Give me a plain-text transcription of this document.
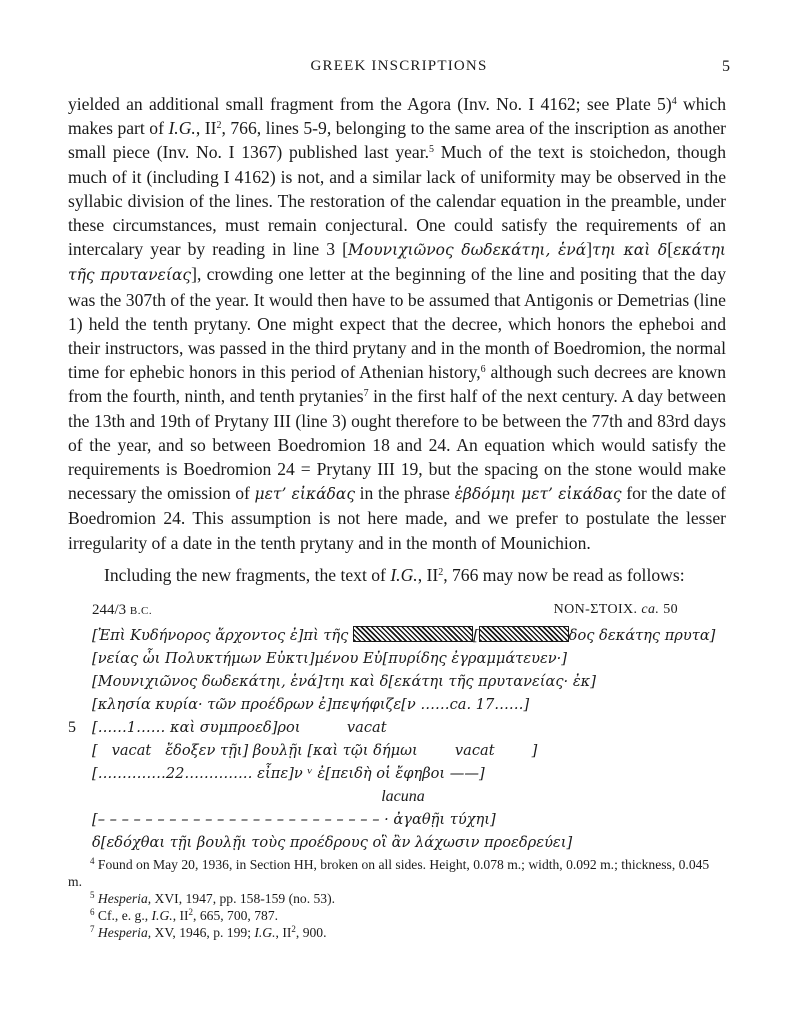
GREEK INSCRIPTIONS	5

yielded an additional small fragment from the Agora (Inv. No. I 4162; see Plate 5)$^4$ which makes part of I.G., $II^2$, 766, lines 5-9, belonging to the same area of the inscription as another small piece (Inv. No. I 1367) published last year.$^5$ Much of the text is stoichedon, though much of it (including I 4162) is not, and a similar lack of uniformity may be observed in the syllabic division of the lines. The restoration of the calendar equation in the preamble, under these circumstances, must remain conjectural. One could satisfy the requirements of an intercalary year by reading in line 3 [Μουνιχιῶνος δωδεκάτηι, ἑνά]τηι καὶ δ[εκάτηι τῆς πρυτανείας], crowding one letter at the beginning of the line and positing that the day was the 307th of the year. It would then have to be assumed that Antigonis or Demetrias (line 1) held the tenth prytany. One might expect that the decree, which honors the epheboi and their instructors, was passed in the third prytany and in the month of Boedromion, the normal time for ephebic honors in this period of Athenian history,$^6$ although such decrees are known from the fourth, ninth, and tenth prytanies$^7$ in the first half of the next century. A day between the 13th and 19th of Prytany III (line 3) ought therefore to be between the 77th and 83rd days of the year, and so between Boedromion 18 and 24. An equation which would satisfy the requirements is Boedromion 24 = Prytany III 19, but the spacing on the stone would make necessary the omission of μετ’ εἰκάδας in the phrase ἑβδόμηι μετ’ εἰκάδας for the date of Boedromion 24. This assumption is not here made, and we prefer to postulate the lesser irregularity of a date in the tenth prytany and in the month of Mounichion.

Including the new fragments, the text of I.G., $II^2$, 766 may now be read as follows:

244/3 B.C.	NON-ΣTOIX. ca. 50
[Ἐπὶ Κυδήνορος ἄρχοντος ἐ]πὶ τῆς	[	δος δεκάτης πρυτα]
[νείας ὧι Πολυκτήμων Εὐκτι]μένου Εὐ[πυρίδης ἐγραμμάτευεν·]
[Μουνιχιῶνος δωδεκάτηι, ἑνά]τηι καὶ δ[εκάτηι τῆς πρυτανείας· ἐκ]
[κλησία κυρία· τῶν προέδρων ἐ]πεψήφιζε[ν ‥‥‥ca. 17‥‥‥]
5 [‥‥‥1‥‥‥ καὶ συμπροεδ]ροι          vacat
[   vacat   ἔδοξεν τῇι] βουλῇι [καὶ τῷι δήμωι        vacat        ]
[‥‥‥‥‥‥‥22‥‥‥‥‥‥‥ εἶπε]ν ᵛ ἐ[πειδὴ οἱ ἔφηβοι ——]
lacuna
[– – – – – – – – – – – – – – – – – – – – – – – – · ἀγαθῇι τύχηι]
δ[εδόχθαι τῇι βουλῇι τοὺς προέδρους οἳ ἂν λάχωσιν προεδρεύει]

$^4$ Found on May 20, 1936, in Section ΗΗ, broken on all sides. Height, 0.078 m.; width, 0.092 m.; thickness, 0.045 m.

$^5$ Hesperia, XVI, 1947, pp. 158-159 (no. 53).

$^6$ Cf., e. g., I.G., $II^2$, 665, 700, 787.

$^7$ Hesperia, XV, 1946, p. 199; I.G., $II^2$, 900.
